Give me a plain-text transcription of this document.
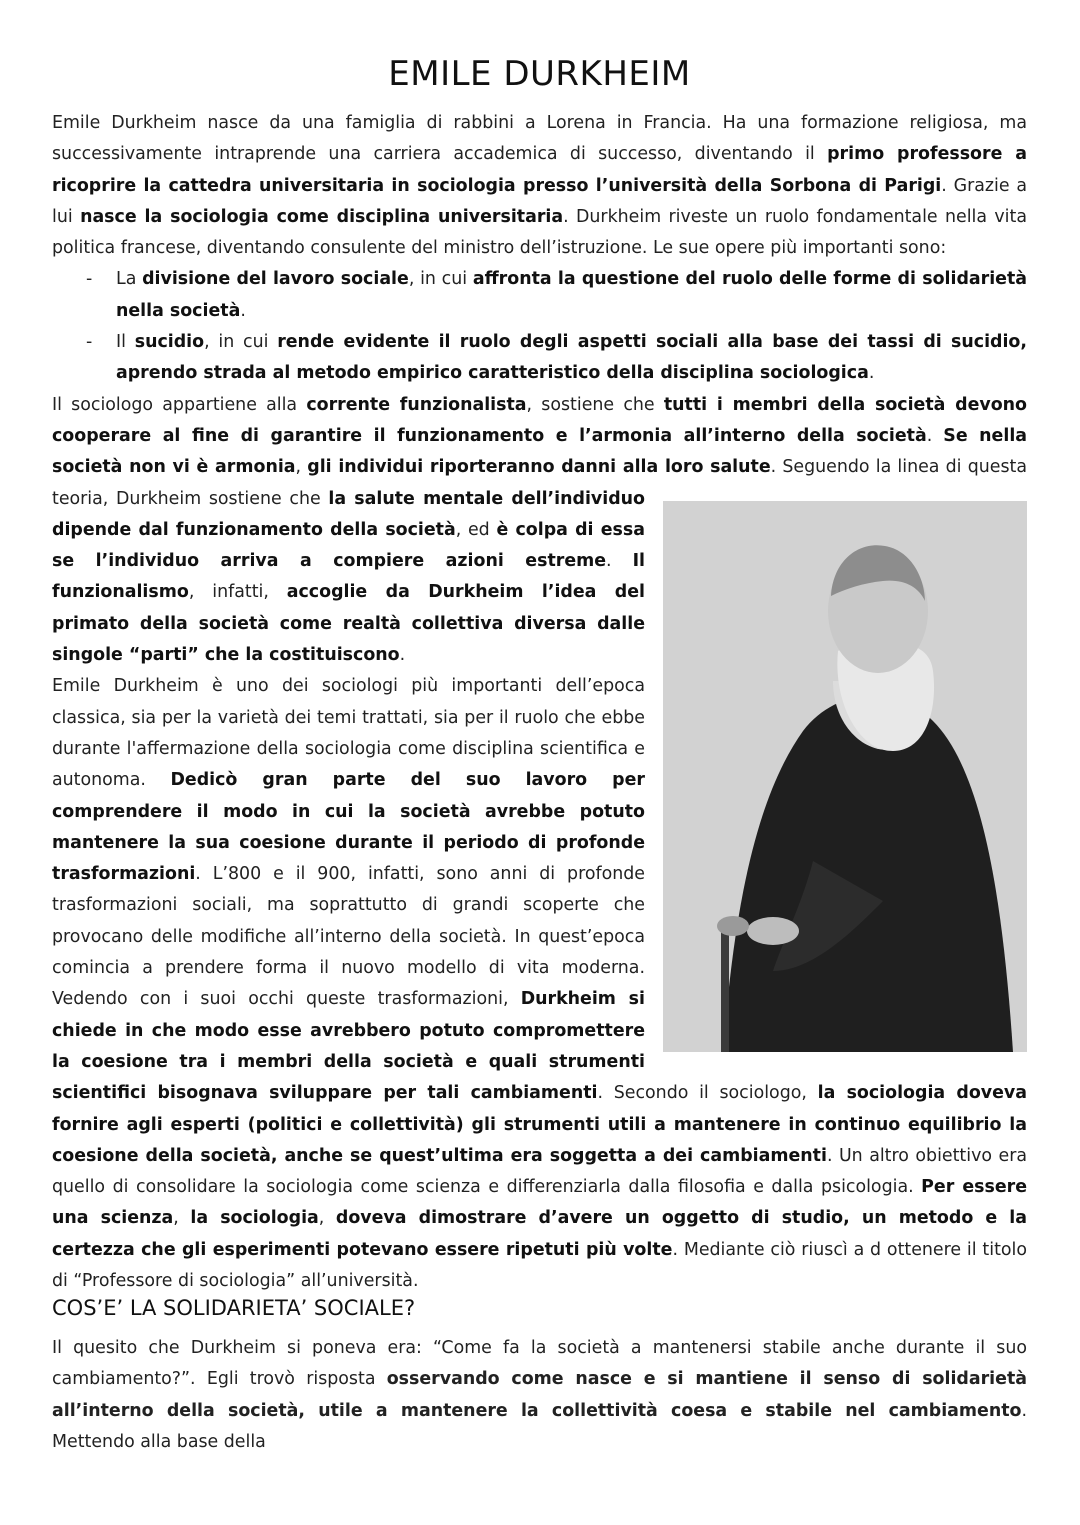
EMILE DURKHEIM

Emile Durkheim nasce da una famiglia di rabbini a Lorena in Francia. Ha una formazione religiosa, ma successivamente intraprende una carriera accademica di successo, diventando il primo professore a ricoprire la cattedra universitaria in sociologia presso l’università della Sorbona di Parigi. Grazie a lui nasce la sociologia come disciplina universitaria. Durkheim riveste un ruolo fondamentale nella vita politica francese, diventando consulente del ministro dell’istruzione. Le sue opere più importanti sono:

- La divisione del lavoro sociale, in cui affronta la questione del ruolo delle forme di solidarietà nella società.
- Il sucidio, in cui rende evidente il ruolo degli aspetti sociali alla base dei tassi di sucidio, aprendo strada al metodo empirico caratteristico della disciplina sociologica.

Il sociologo appartiene alla corrente funzionalista, sostiene che tutti i membri della società devono cooperare al fine di garantire il funzionamento e l’armonia all’interno della società. Se nella società non vi è armonia, gli individui riporteranno danni alla loro salute. Seguendo la linea di questa teoria, Durkheim sostiene che
la salute mentale dell’individuo dipende dal funzionamento della società, ed è colpa di essa se l’individuo arriva a compiere azioni estreme. Il funzionalismo, infatti, accoglie da Durkheim l’idea del primato della società come realtà collettiva diversa dalle singole “parti” che la costituiscono.
Emile Durkheim è uno dei sociologi più importanti dell’epoca classica, sia per la varietà dei temi trattati, sia per il ruolo che ebbe durante l'affermazione della sociologia come disciplina scientifica e autonoma. Dedicò gran parte del suo lavoro per comprendere il modo in cui la società avrebbe potuto mantenere la sua coesione durante il periodo di profonde trasformazioni. L’800 e il 900, infatti, sono anni di profonde trasformazioni sociali, ma soprattutto di grandi scoperte che provocano delle modifiche all’interno della società. In quest’epoca comincia a prendere forma il nuovo modello di vita moderna. Vedendo con i suoi occhi queste trasformazioni, Durkheim si chiede in che modo esse avrebbero potuto compromettere la coesione tra i membri della società e quali strumenti scientifici bisognava sviluppare per tali cambiamenti. Secondo il sociologo, la sociologia doveva fornire agli esperti (politici e collettività) gli strumenti utili a mantenere in continuo equilibrio la coesione della società, anche se quest’ultima era soggetta a dei cambiamenti. Un altro obiettivo era quello di consolidare la sociologia come scienza e differenziarla dalla filosofia e dalla psicologia. Per essere una scienza, la sociologia, doveva dimostrare d’avere un oggetto di studio, un metodo e la certezza che gli esperimenti potevano essere ripetuti più volte. Mediante ciò riuscì a d ottenere il titolo di “Professore di sociologia” all’università.

COS’E’ LA SOLIDARIETA’ SOCIALE?

Il quesito che Durkheim si poneva era: “Come fa la società a mantenersi stabile anche durante il suo cambiamento?”. Egli trovò risposta osservando come nasce e si mantiene il senso di solidarietà all’interno della società, utile a mantenere la collettività coesa e stabile nel cambiamento. Mettendo alla base della
